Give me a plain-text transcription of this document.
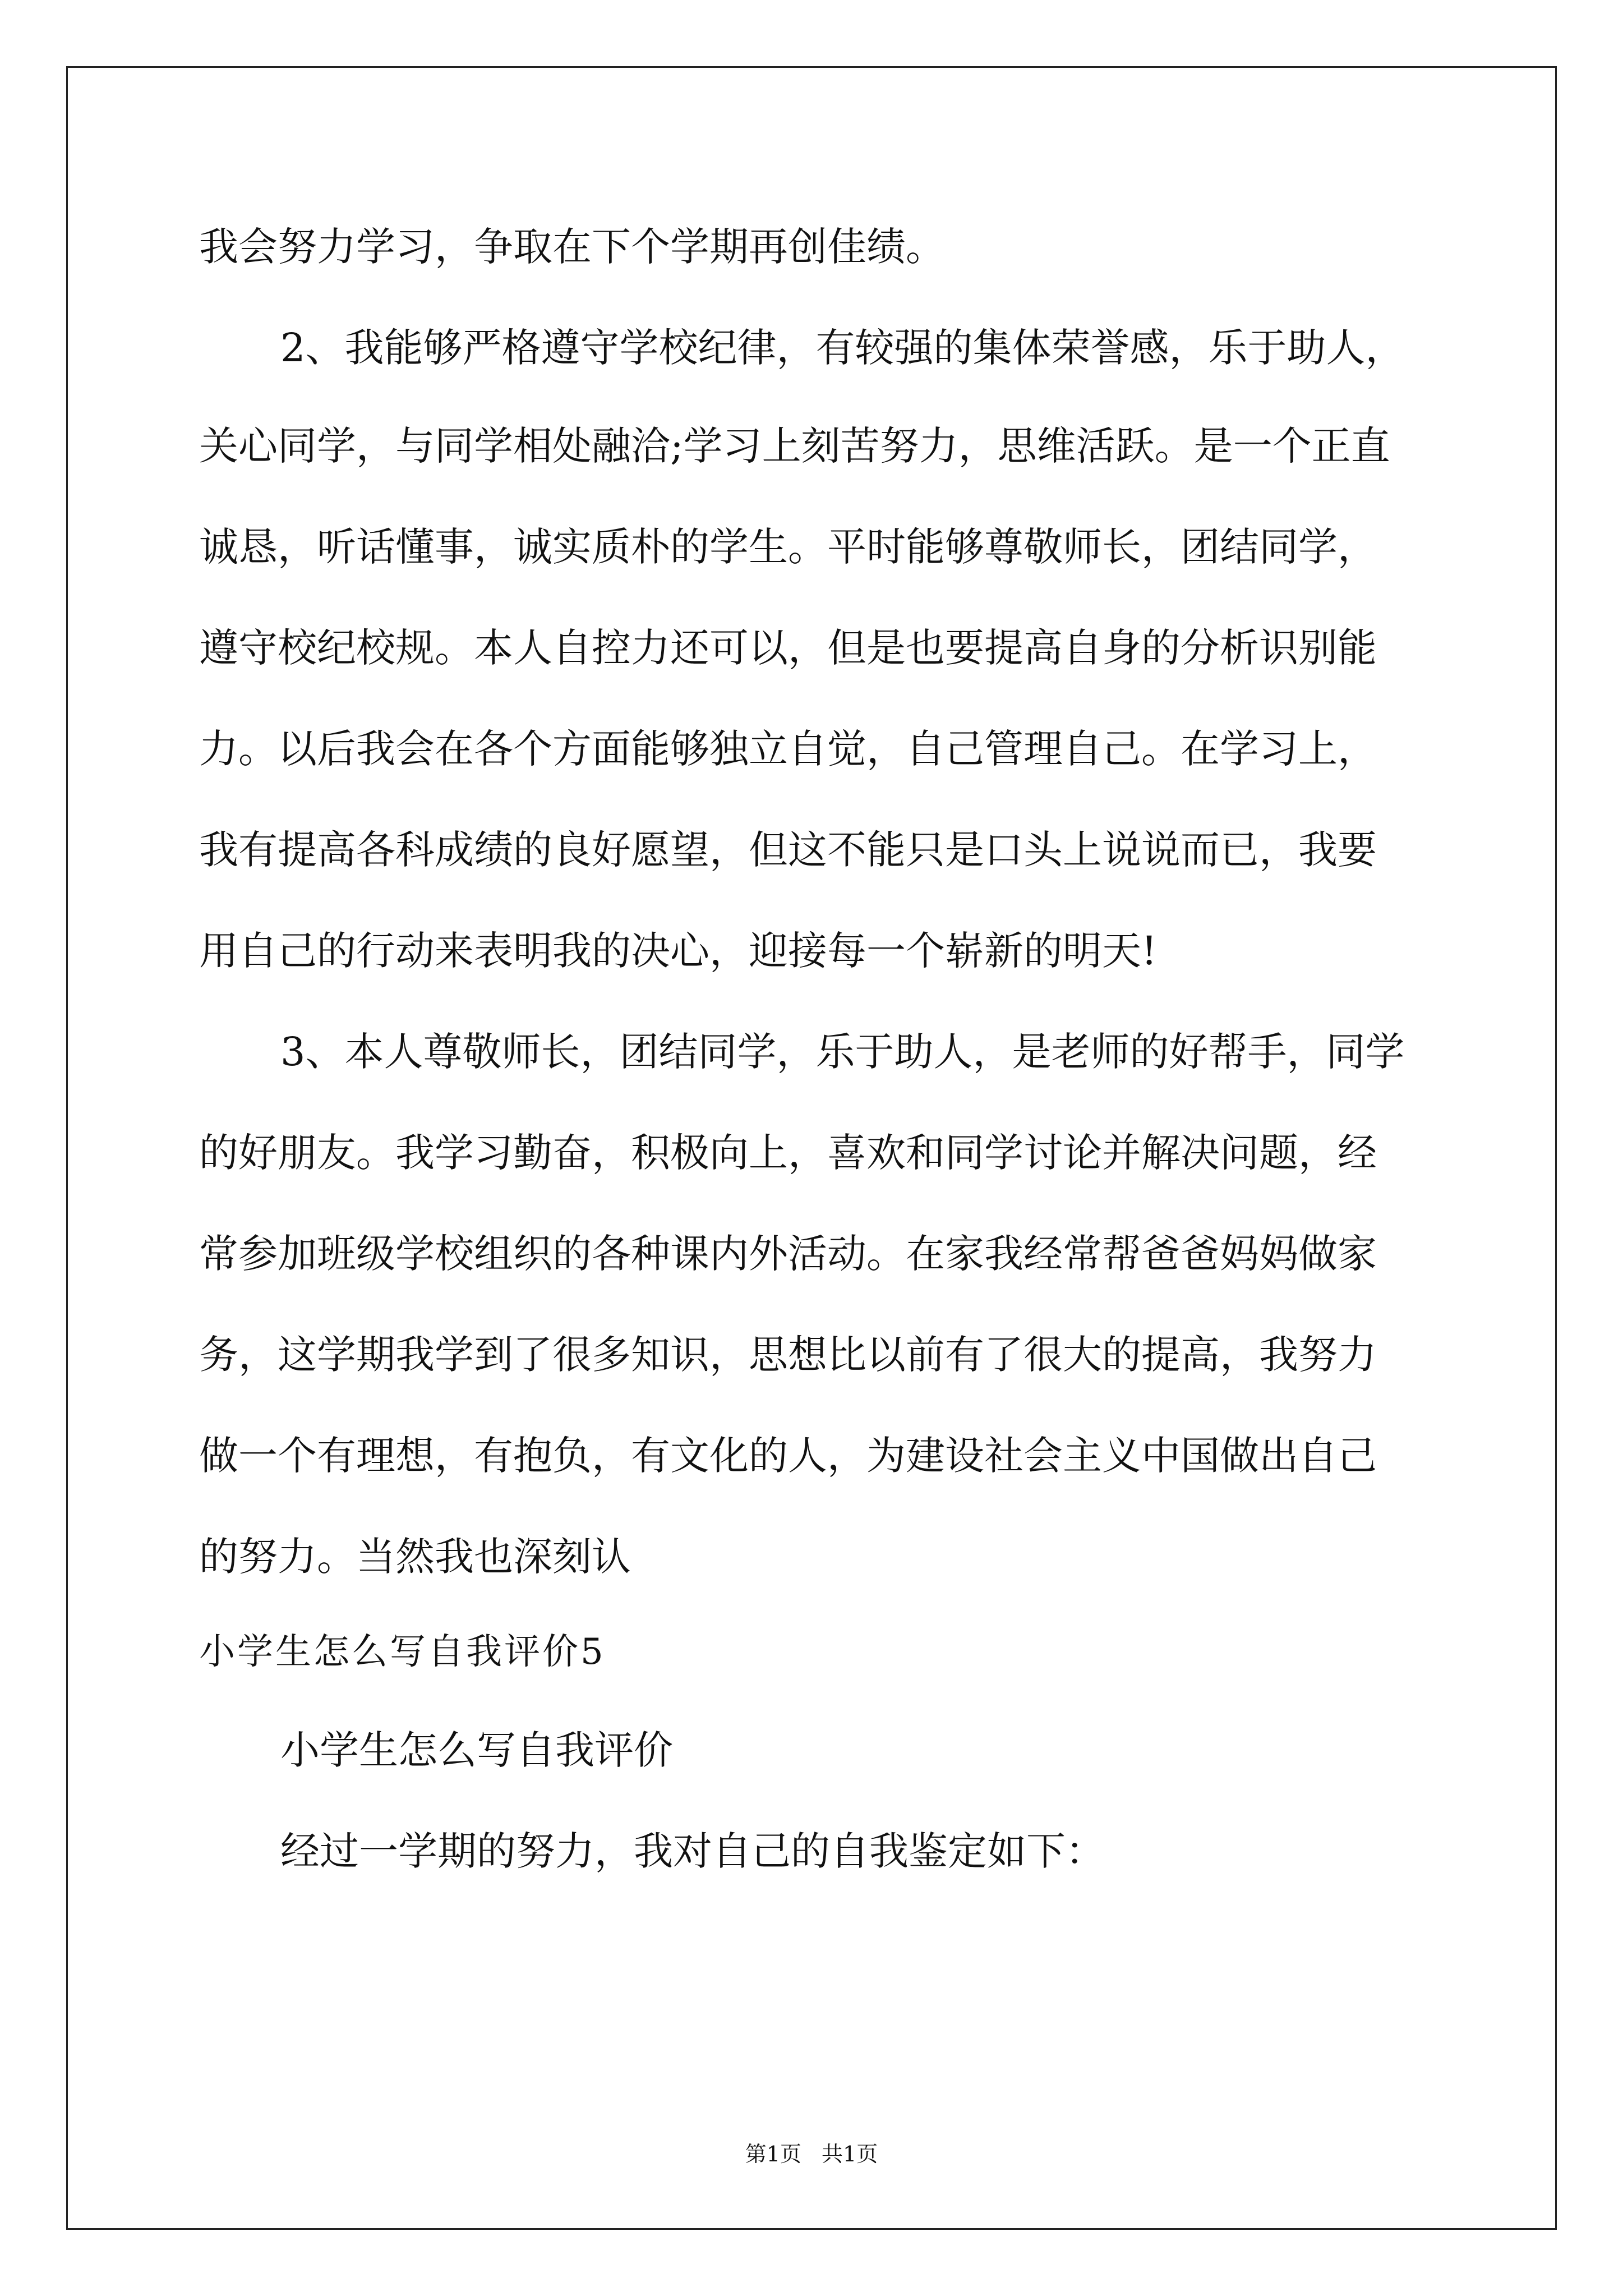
我会努力学习，争取在下个学期再创佳绩。
2、我能够严格遵守学校纪律，有较强的集体荣誉感，乐于助人，
关心同学，与同学相处融洽;学习上刻苦努力，思维活跃。是一个正直
诚恳，听话懂事，诚实质朴的学生。平时能够尊敬师长，团结同学，
遵守校纪校规。本人自控力还可以，但是也要提高自身的分析识别能
力。以后我会在各个方面能够独立自觉，自己管理自己。在学习上，
我有提高各科成绩的良好愿望，但这不能只是口头上说说而已，我要
用自己的行动来表明我的决心，迎接每一个崭新的明天!
3、本人尊敬师长，团结同学，乐于助人，是老师的好帮手，同学
的好朋友。我学习勤奋，积极向上，喜欢和同学讨论并解决问题，经
常参加班级学校组织的各种课内外活动。在家我经常帮爸爸妈妈做家
务，这学期我学到了很多知识，思想比以前有了很大的提高，我努力
做一个有理想，有抱负，有文化的人，为建设社会主义中国做出自己
的努力。当然我也深刻认
小学生怎么写自我评价5
小学生怎么写自我评价
经过一学期的努力，我对自己的自我鉴定如下：
第1页 共1页
